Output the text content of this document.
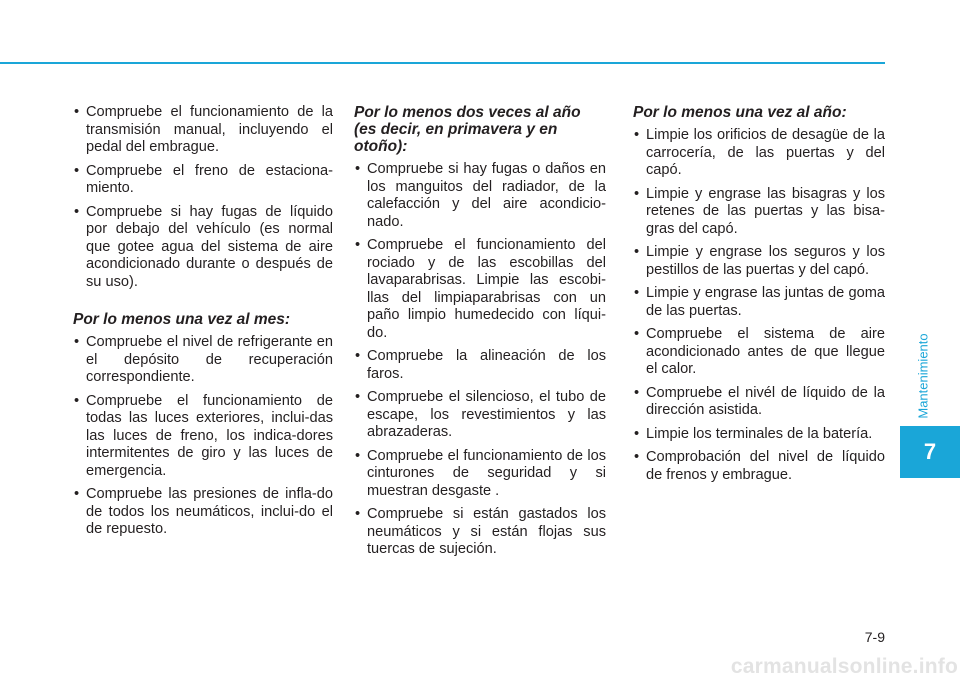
• Compruebe el funcionamiento de la transmisión manual, incluyendo el pedal del embrague.
• Compruebe el freno de estaciona-miento.
• Compruebe si hay fugas de líquido por debajo del vehículo (es normal que gotee agua del sistema de aire acondicionado durante o después de su uso).
Por lo menos una vez al mes:
• Compruebe el nivel de refrigerante en el depósito de recuperación correspondiente.
• Compruebe el funcionamiento de todas las luces exteriores, inclui-das las luces de freno, los indica-dores intermitentes de giro y las luces de emergencia.
• Compruebe las presiones de infla-do de todos los neumáticos, inclui-do el de repuesto.
Por lo menos dos veces al año (es decir, en primavera y en otoño):
• Compruebe si hay fugas o daños en los manguitos del radiador, de la calefacción y del aire acondicio-nado.
• Compruebe el funcionamiento del rociado y de las escobillas del lavaparabrisas. Limpie las escobi-llas del limpiaparabrisas con un paño limpio humedecido con líqui-do.
• Compruebe la alineación de los faros.
• Compruebe el silencioso, el tubo de escape, los revestimientos y las abrazaderas.
• Compruebe el funcionamiento de los cinturones de seguridad y si muestran desgaste .
• Compruebe si están gastados los neumáticos y si están flojas sus tuercas de sujeción.
Por lo menos una vez al año:
• Limpie los orificios de desagüe de la carrocería, de las puertas y del capó.
• Limpie y engrase las bisagras y los retenes de las puertas y las bisa-gras del capó.
• Limpie y engrase los seguros y los pestillos de las puertas y del capó.
• Limpie y engrase las juntas de goma de las puertas.
• Compruebe el sistema de aire acondicionado antes de que llegue el calor.
• Compruebe el nivél de líquido de la dirección asistida.
• Limpie los terminales de la batería.
• Comprobación del nivel de líquido de frenos y embrague.
Mantenimiento
7
7-9
carmanualsonline.info
